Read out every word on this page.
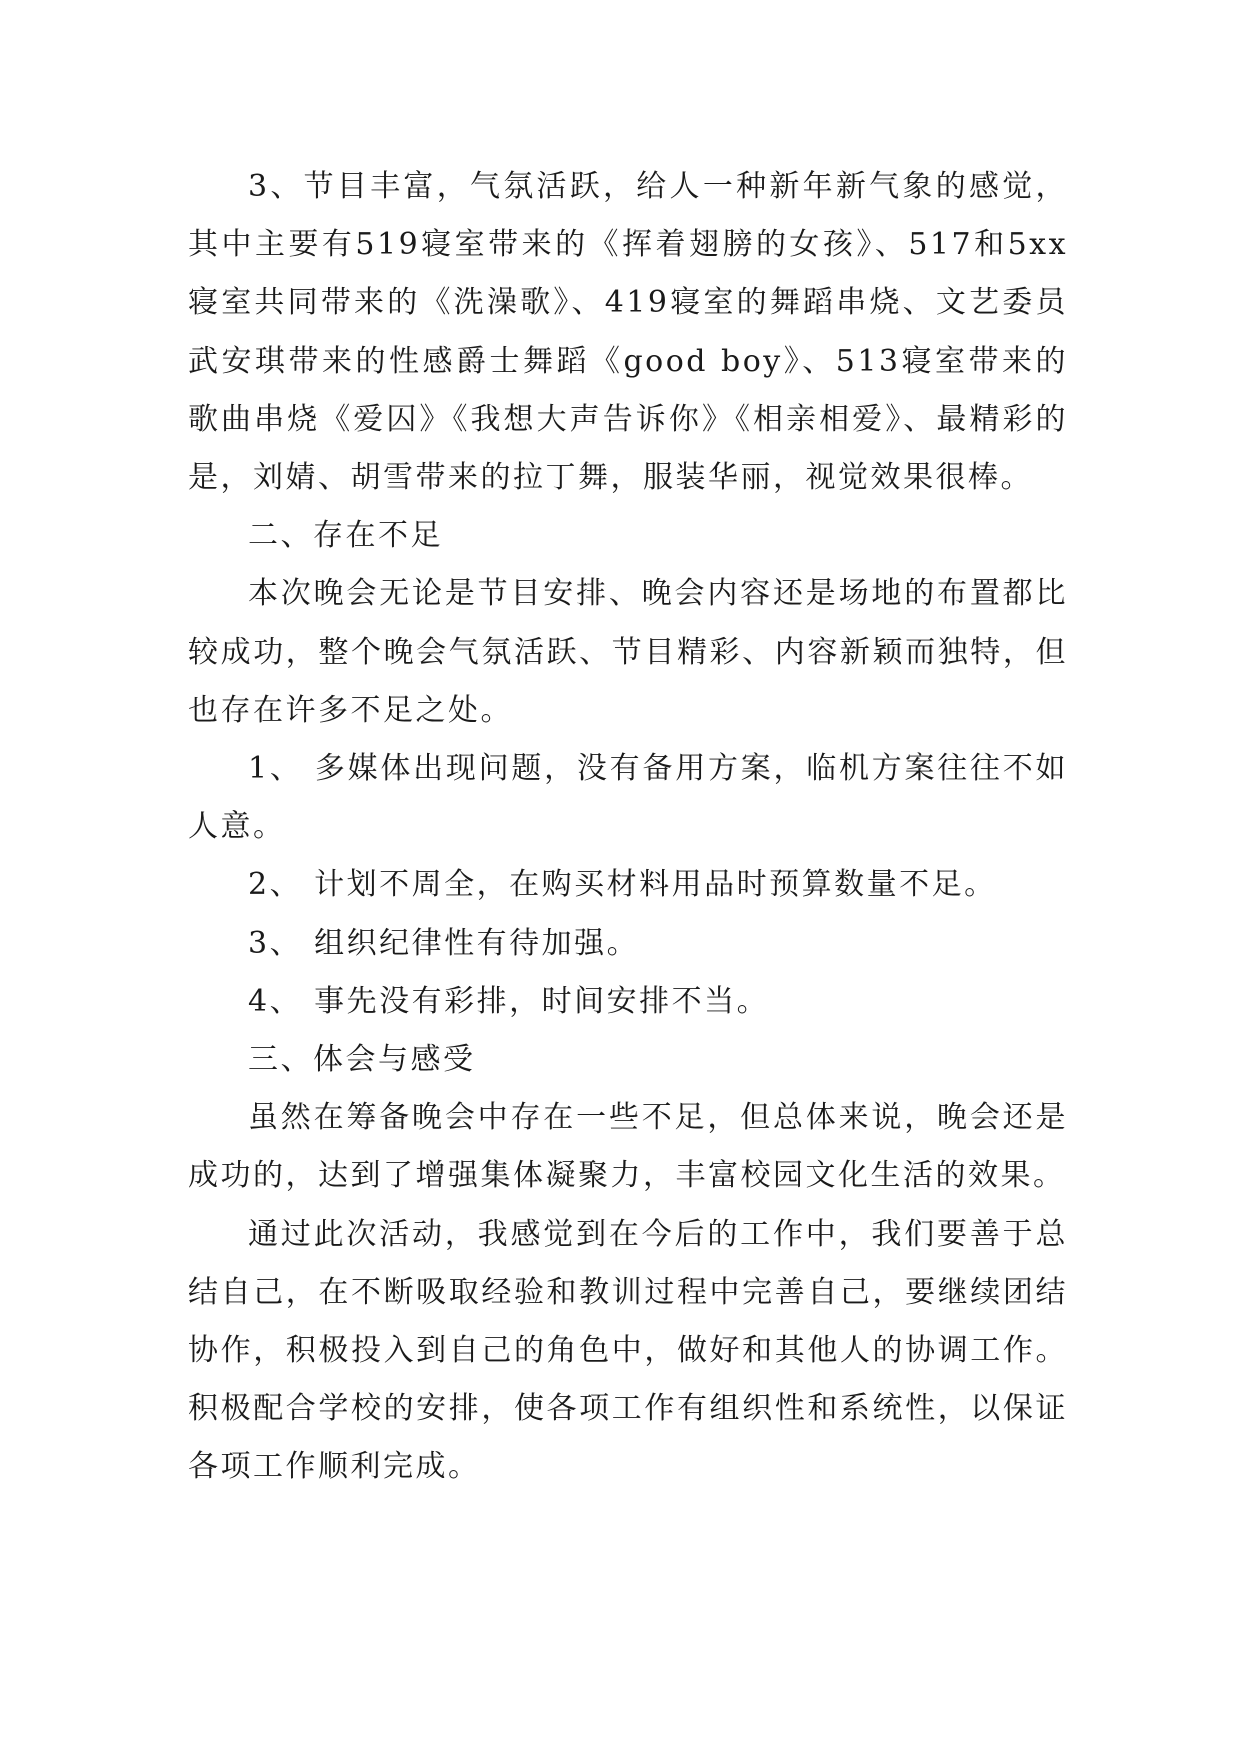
3、节目丰富，气氛活跃，给人一种新年新气象的感觉，其中主要有519寝室带来的《挥着翅膀的女孩》、517和5xx寝室共同带来的《洗澡歌》、419寝室的舞蹈串烧、文艺委员武安琪带来的性感爵士舞蹈《good boy》、513寝室带来的歌曲串烧《爱囚》《我想大声告诉你》《相亲相爱》、最精彩的是，刘婧、胡雪带来的拉丁舞，服装华丽，视觉效果很棒。

二、存在不足

本次晚会无论是节目安排、晚会内容还是场地的布置都比较成功，整个晚会气氛活跃、节目精彩、内容新颖而独特，但也存在许多不足之处。

1、 多媒体出现问题，没有备用方案，临机方案往往不如人意。

2、 计划不周全，在购买材料用品时预算数量不足。

3、 组织纪律性有待加强。

4、 事先没有彩排，时间安排不当。

三、体会与感受

虽然在筹备晚会中存在一些不足，但总体来说，晚会还是成功的，达到了增强集体凝聚力，丰富校园文化生活的效果。

通过此次活动，我感觉到在今后的工作中，我们要善于总结自己，在不断吸取经验和教训过程中完善自己，要继续团结协作，积极投入到自己的角色中，做好和其他人的协调工作。积极配合学校的安排，使各项工作有组织性和系统性，以保证各项工作顺利完成。
